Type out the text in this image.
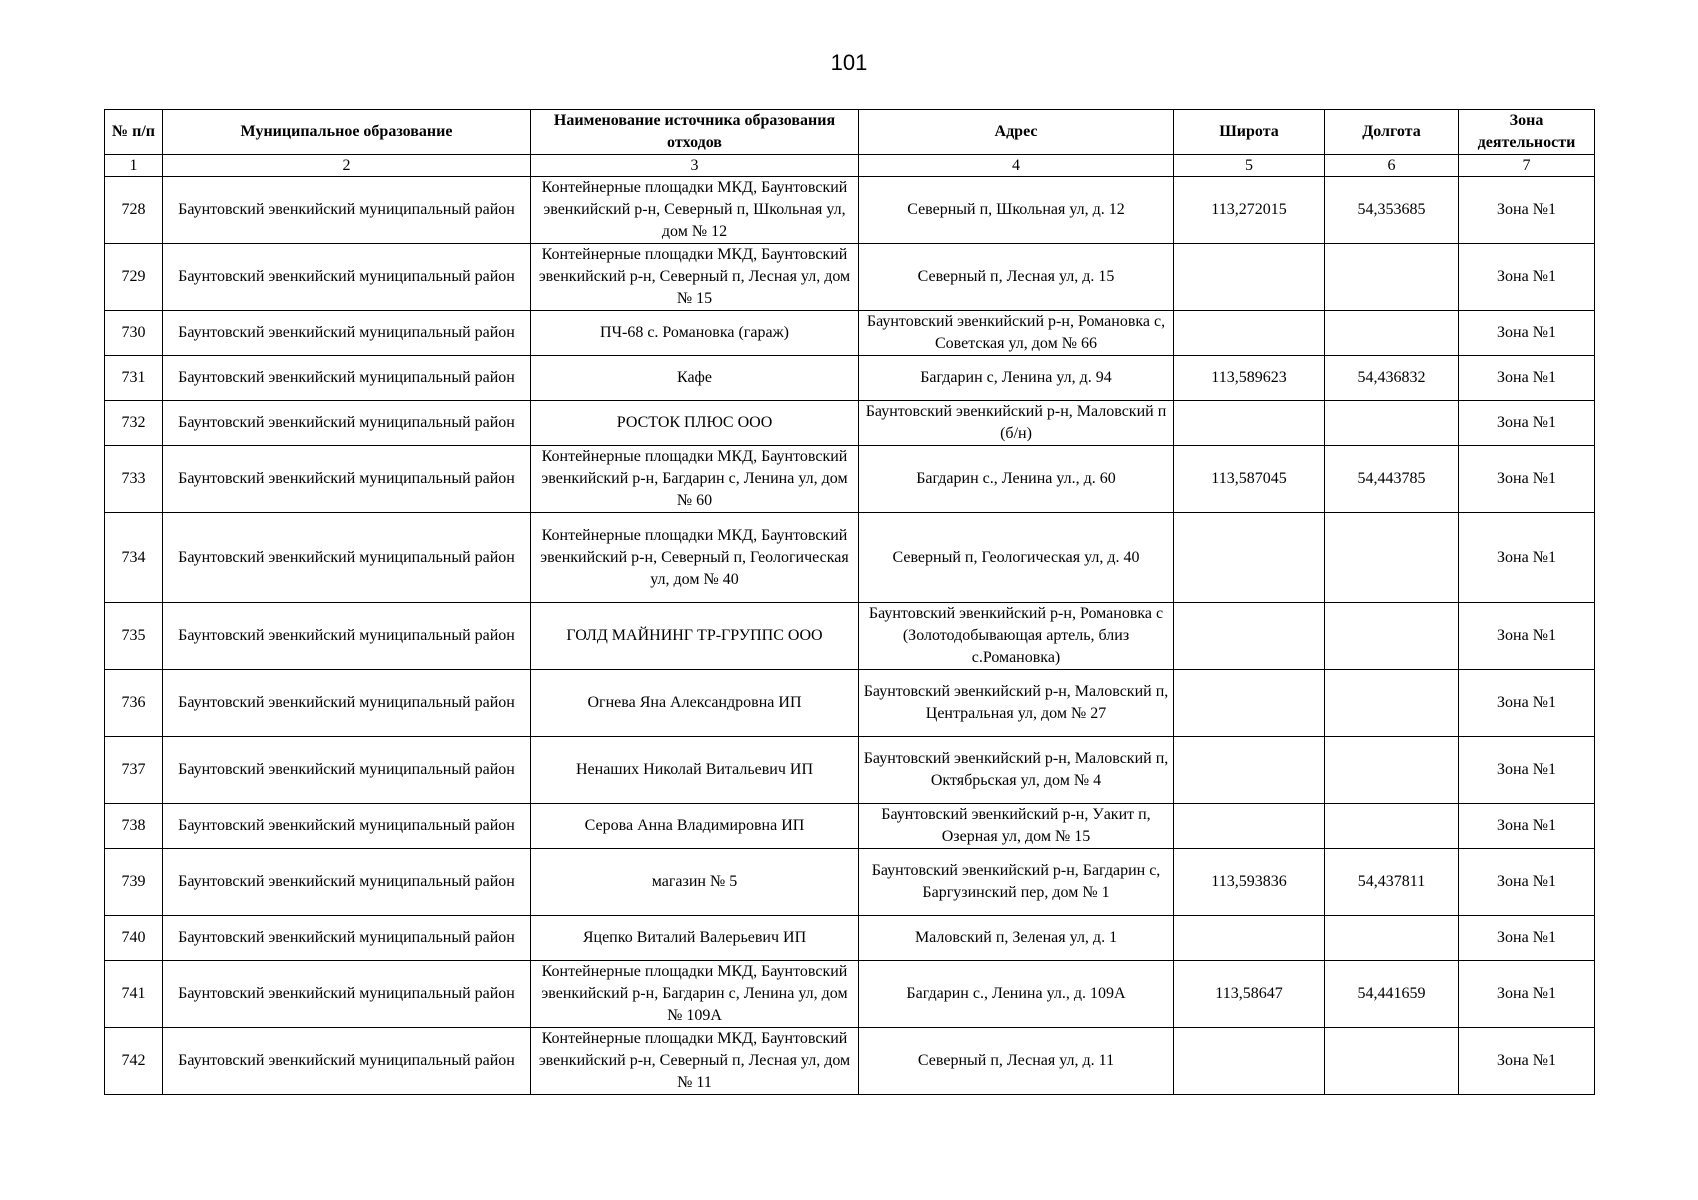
101
№ п/п	Муниципальное образование	Наименование источника образования отходов	Адрес	Широта	Долгота	Зона деятельности
1	2	3	4	5	6	7
728	Баунтовский эвенкийский муниципальный район	Контейнерные площадки МКД, Баунтовский эвенкийский р-н, Северный п, Школьная ул, дом № 12	Северный п, Школьная ул, д. 12	113,272015	54,353685	Зона №1
729	Баунтовский эвенкийский муниципальный район	Контейнерные площадки МКД, Баунтовский эвенкийский р-н, Северный п, Лесная ул, дом № 15	Северный п, Лесная ул, д. 15			Зона №1
730	Баунтовский эвенкийский муниципальный район	ПЧ-68 с. Романовка (гараж)	Баунтовский эвенкийский р-н, Романовка с, Советская ул, дом № 66			Зона №1
731	Баунтовский эвенкийский муниципальный район	Кафе	Багдарин с, Ленина ул, д. 94	113,589623	54,436832	Зона №1
732	Баунтовский эвенкийский муниципальный район	РОСТОК ПЛЮС ООО	Баунтовский эвенкийский р-н, Маловский п (б/н)			Зона №1
733	Баунтовский эвенкийский муниципальный район	Контейнерные площадки МКД, Баунтовский эвенкийский р-н, Багдарин с, Ленина ул, дом № 60	Багдарин с., Ленина ул., д. 60	113,587045	54,443785	Зона №1
734	Баунтовский эвенкийский муниципальный район	Контейнерные площадки МКД, Баунтовский эвенкийский р-н, Северный п, Геологическая ул, дом № 40	Северный п, Геологическая ул, д. 40			Зона №1
735	Баунтовский эвенкийский муниципальный район	ГОЛД МАЙНИНГ ТР-ГРУППС ООО	Баунтовский эвенкийский р-н, Романовка с (Золотодобывающая артель, близ с.Романовка)			Зона №1
736	Баунтовский эвенкийский муниципальный район	Огнева Яна Александровна ИП	Баунтовский эвенкийский р-н, Маловский п, Центральная ул, дом № 27			Зона №1
737	Баунтовский эвенкийский муниципальный район	Ненаших Николай Витальевич ИП	Баунтовский эвенкийский р-н, Маловский п, Октябрьская ул, дом № 4			Зона №1
738	Баунтовский эвенкийский муниципальный район	Серова Анна Владимировна ИП	Баунтовский эвенкийский р-н, Уакит п, Озерная ул, дом № 15			Зона №1
739	Баунтовский эвенкийский муниципальный район	магазин № 5	Баунтовский эвенкийский р-н, Багдарин с, Баргузинский пер, дом № 1	113,593836	54,437811	Зона №1
740	Баунтовский эвенкийский муниципальный район	Яцепко Виталий Валерьевич ИП	Маловский п, Зеленая ул, д. 1			Зона №1
741	Баунтовский эвенкийский муниципальный район	Контейнерные площадки МКД, Баунтовский эвенкийский р-н, Багдарин с, Ленина ул, дом № 109А	Багдарин с., Ленина ул., д. 109А	113,58647	54,441659	Зона №1
742	Баунтовский эвенкийский муниципальный район	Контейнерные площадки МКД, Баунтовский эвенкийский р-н, Северный п, Лесная ул, дом № 11	Северный п, Лесная ул, д. 11			Зона №1
